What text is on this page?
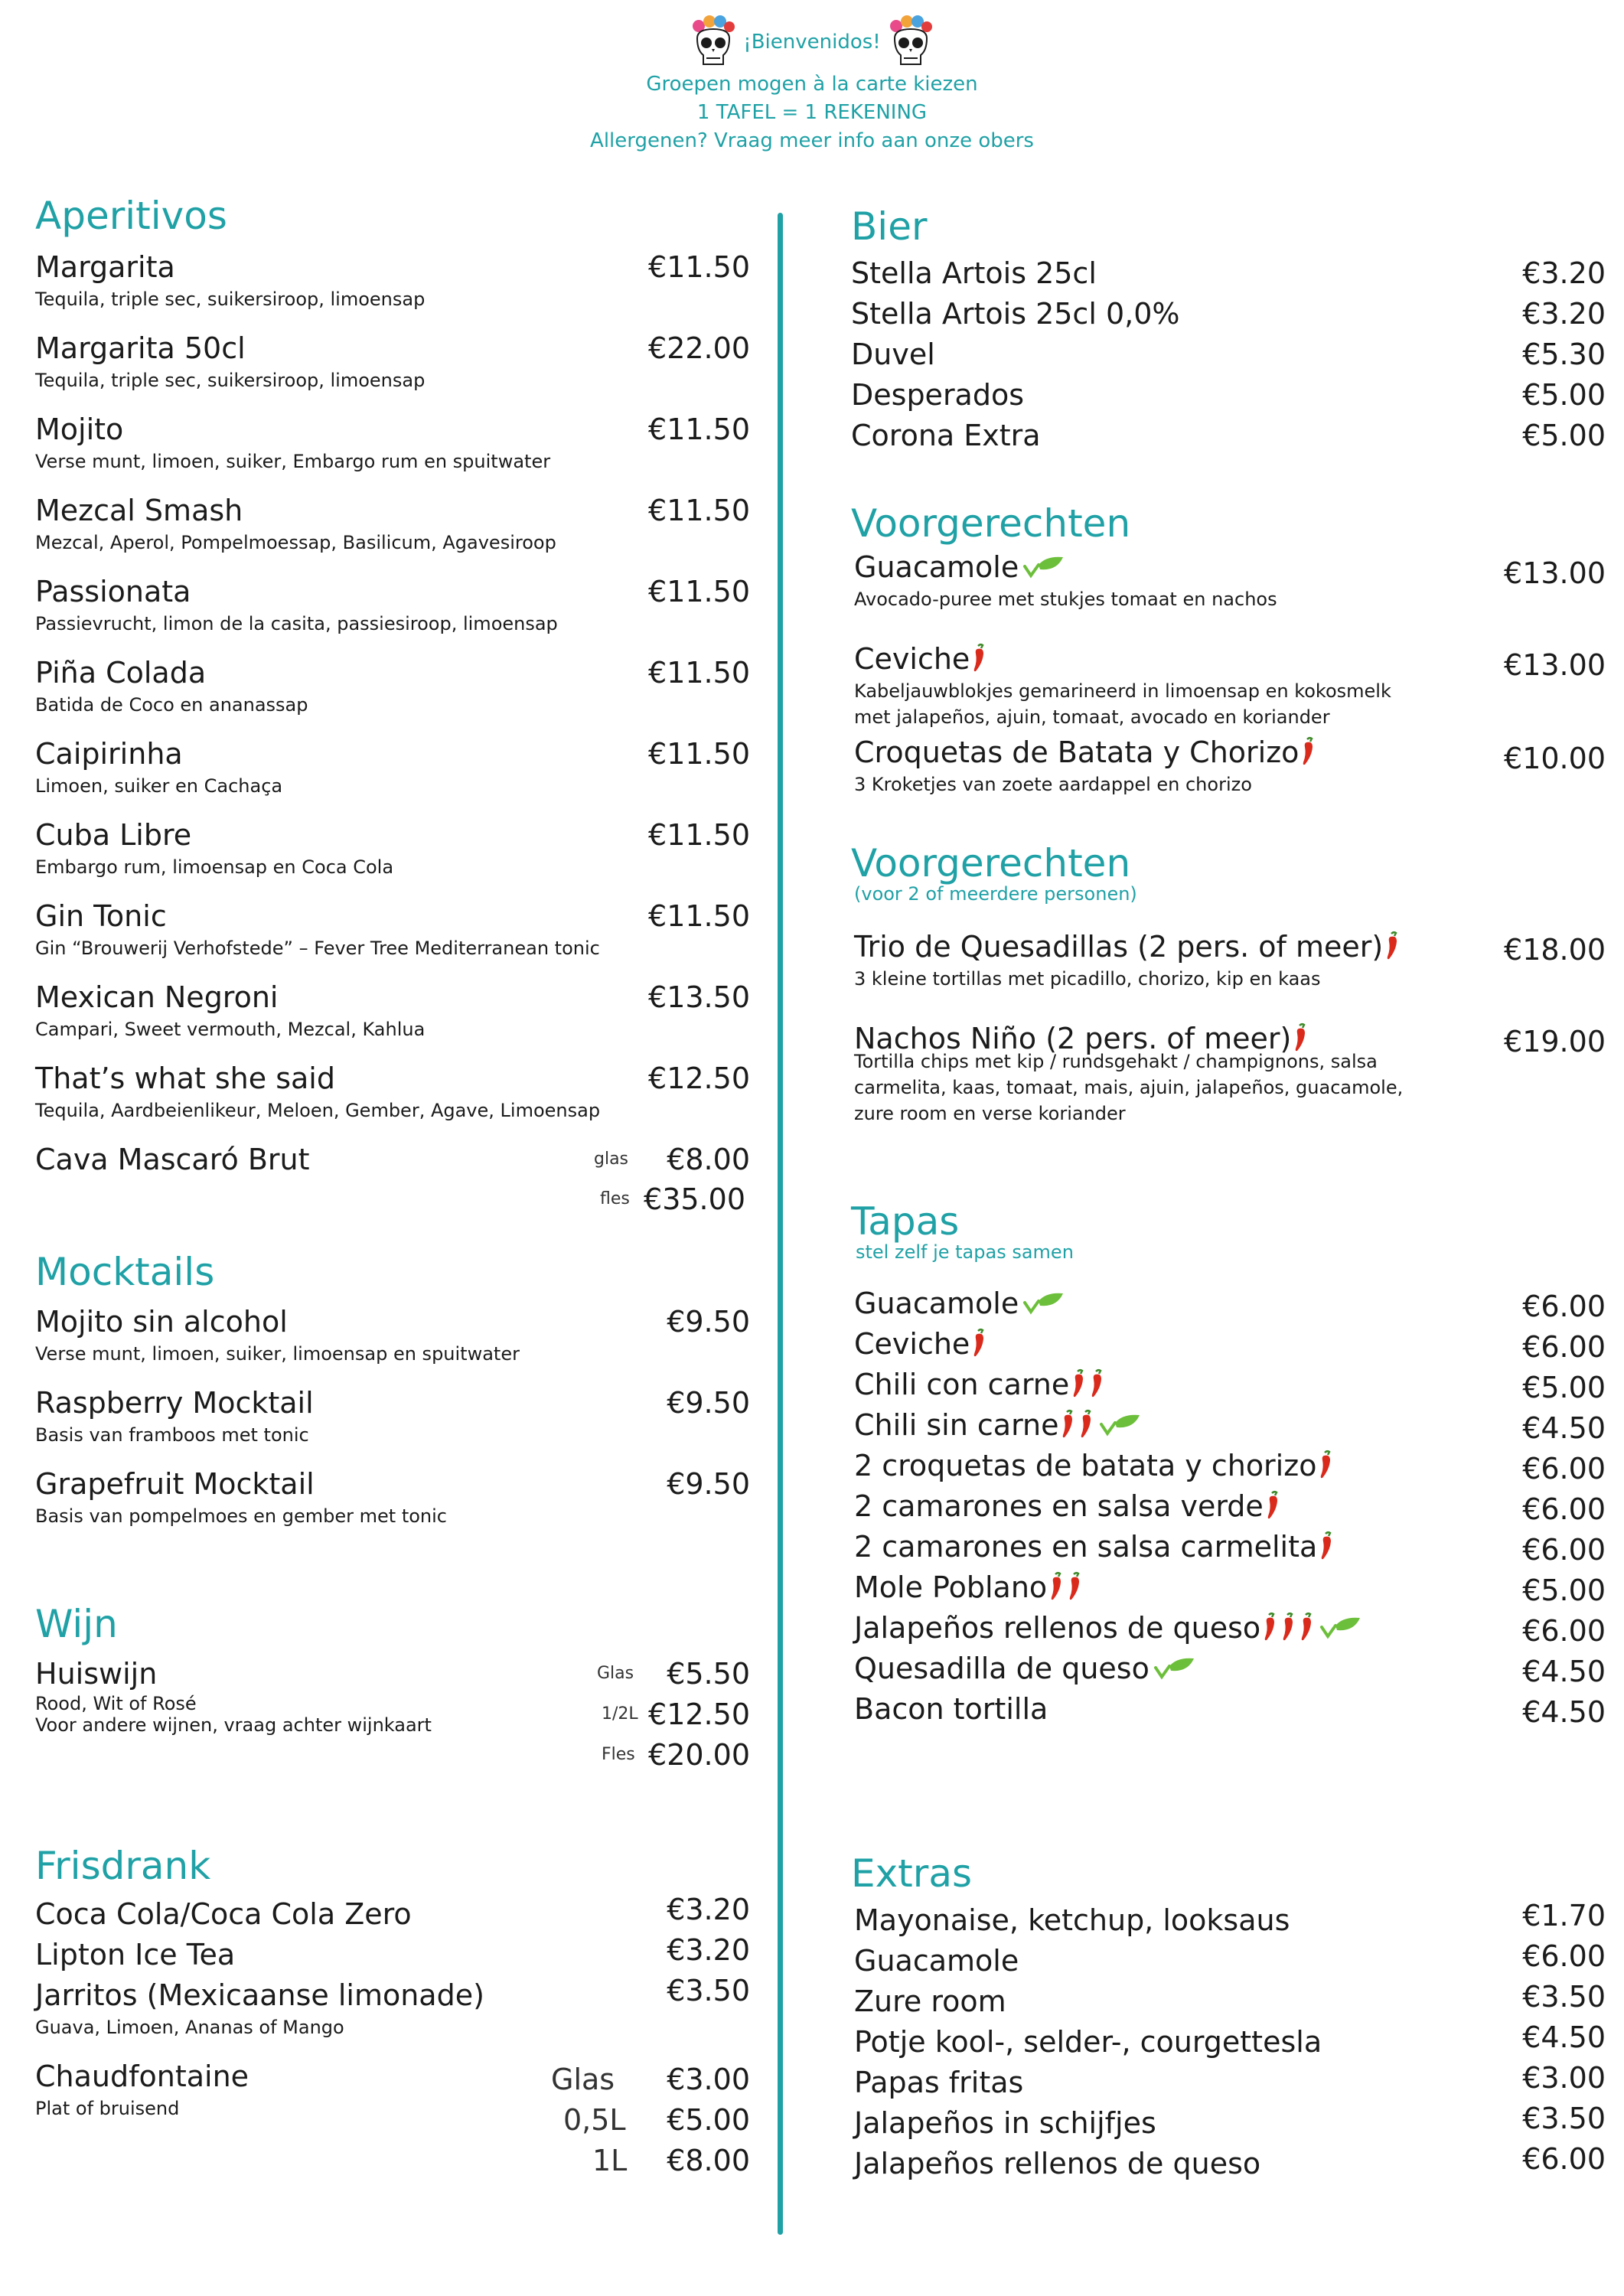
¡Bienvenidos!
Groepen mogen à la carte kiezen
1 TAFEL = 1 REKENING
Allergenen? Vraag meer info aan onze obers
Aperitivos
Margarita
Tequila, triple sec, suikersiroop, limoensap
€11.50
Margarita 50cl
Tequila, triple sec, suikersiroop, limoensap
€22.00
Mojito
Verse munt, limoen, suiker, Embargo rum en spuitwater
€11.50
Mezcal Smash
Mezcal, Aperol, Pompelmoessap, Basilicum, Agavesiroop
€11.50
Passionata
Passievrucht, limon de la casita, passiesiroop, limoensap
€11.50
Piña Colada
Batida de Coco en ananassap
€11.50
Caipirinha
Limoen, suiker en Cachaça
€11.50
Cuba Libre
Embargo rum, limoensap en Coca Cola
€11.50
Gin Tonic
Gin “Brouwerij Verhofstede” – Fever Tree Mediterranean tonic
€11.50
Mexican Negroni
Campari, Sweet vermouth, Mezcal, Kahlua
€13.50
That’s what she said
Tequila, Aardbeienlikeur, Meloen, Gember, Agave, Limoensap
€12.50
Cava Mascaró Brut	glas €8.00
fles €35.00
Mocktails
Mojito sin alcohol
Verse munt, limoen, suiker, limoensap en spuitwater
€9.50
Raspberry Mocktail
Basis van framboos met tonic
€9.50
Grapefruit Mocktail
Basis van pompelmoes en gember met tonic
€9.50
Wijn
Huiswijn
Rood, Wit of Rosé
Voor andere wijnen, vraag achter wijnkaart
Glas €5.50
1/2L €12.50
Fles €20.00
Frisdrank
Coca Cola/Coca Cola Zero	€3.20
Lipton Ice Tea	€3.20
Jarritos (Mexicaanse limonade)
Guava, Limoen, Ananas of Mango
€3.50
Chaudfontaine
Plat of bruisend
Glas €3.00
0,5L €5.00
1L €8.00
Bier
Stella Artois 25cl	€3.20
Stella Artois 25cl 0,0%	€3.20
Duvel	€5.30
Desperados	€5.00
Corona Extra	€5.00
Voorgerechten
Guacamole
Avocado-puree met stukjes tomaat en nachos
€13.00
Ceviche
Kabeljauwblokjes gemarineerd in limoensap en kokosmelk
met jalapeños, ajuin, tomaat, avocado en koriander
€13.00
Croquetas de Batata y Chorizo
3 Kroketjes van zoete aardappel en chorizo
€10.00
Voorgerechten
(voor 2 of meerdere personen)
Trio de Quesadillas (2 pers. of meer)
3 kleine tortillas met picadillo, chorizo, kip en kaas
€18.00
Nachos Niño (2 pers. of meer)
Tortilla chips met kip / rundsgehakt / champignons, salsa
carmelita, kaas, tomaat, mais, ajuin, jalapeños, guacamole,
zure room en verse koriander
€19.00
Tapas
stel zelf je tapas samen
Guacamole	€6.00
Ceviche	€6.00
Chili con carne	€5.00
Chili sin carne	€4.50
2 croquetas de batata y chorizo	€6.00
2 camarones en salsa verde	€6.00
2 camarones en salsa carmelita	€6.00
Mole Poblano	€5.00
Jalapeños rellenos de queso	€6.00
Quesadilla de queso	€4.50
Bacon tortilla	€4.50
Extras
Mayonaise, ketchup, looksaus	€1.70
Guacamole	€6.00
Zure room	€3.50
Potje kool-, selder-, courgettesla	€4.50
Papas fritas	€3.00
Jalapeños in schijfjes	€3.50
Jalapeños rellenos de queso	€6.00
